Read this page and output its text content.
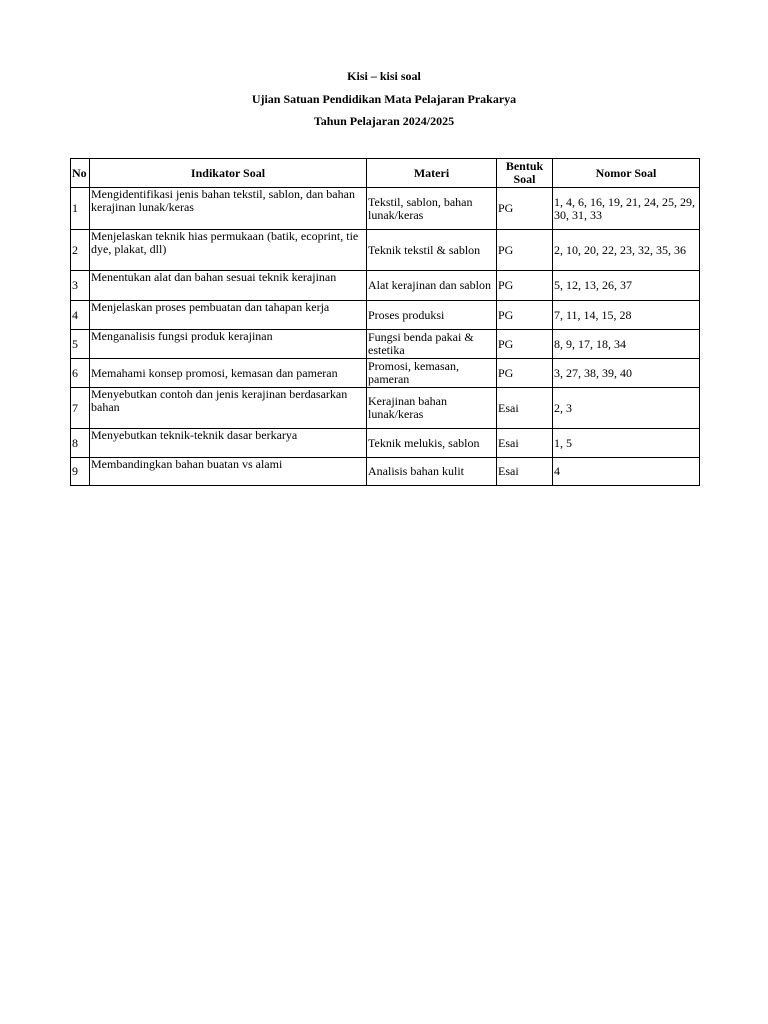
Kisi – kisi soal
Ujian Satuan Pendidikan Mata Pelajaran Prakarya
Tahun Pelajaran 2024/2025
No	Indikator Soal	Materi	Bentuk Soal	Nomor Soal
1	Mengidentifikasi jenis bahan tekstil, sablon, dan bahan kerajinan lunak/keras	Tekstil, sablon, bahan lunak/keras	PG	1, 4, 6, 16, 19, 21, 24, 25, 29, 30, 31, 33
2	Menjelaskan teknik hias permukaan (batik, ecoprint, tie dye, plakat, dll)	Teknik tekstil & sablon	PG	2, 10, 20, 22, 23, 32, 35, 36
3	Menentukan alat dan bahan sesuai teknik kerajinan	Alat kerajinan dan sablon	PG	5, 12, 13, 26, 37
4	Menjelaskan proses pembuatan dan tahapan kerja	Proses produksi	PG	7, 11, 14, 15, 28
5	Menganalisis fungsi produk kerajinan	Fungsi benda pakai & estetika	PG	8, 9, 17, 18, 34
6	Memahami konsep promosi, kemasan dan pameran	Promosi, kemasan, pameran	PG	3, 27, 38, 39, 40
7	Menyebutkan contoh dan jenis kerajinan berdasarkan bahan	Kerajinan bahan lunak/keras	Esai	2, 3
8	Menyebutkan teknik-teknik dasar berkarya	Teknik melukis, sablon	Esai	1, 5
9	Membandingkan bahan buatan vs alami	Analisis bahan kulit	Esai	4
